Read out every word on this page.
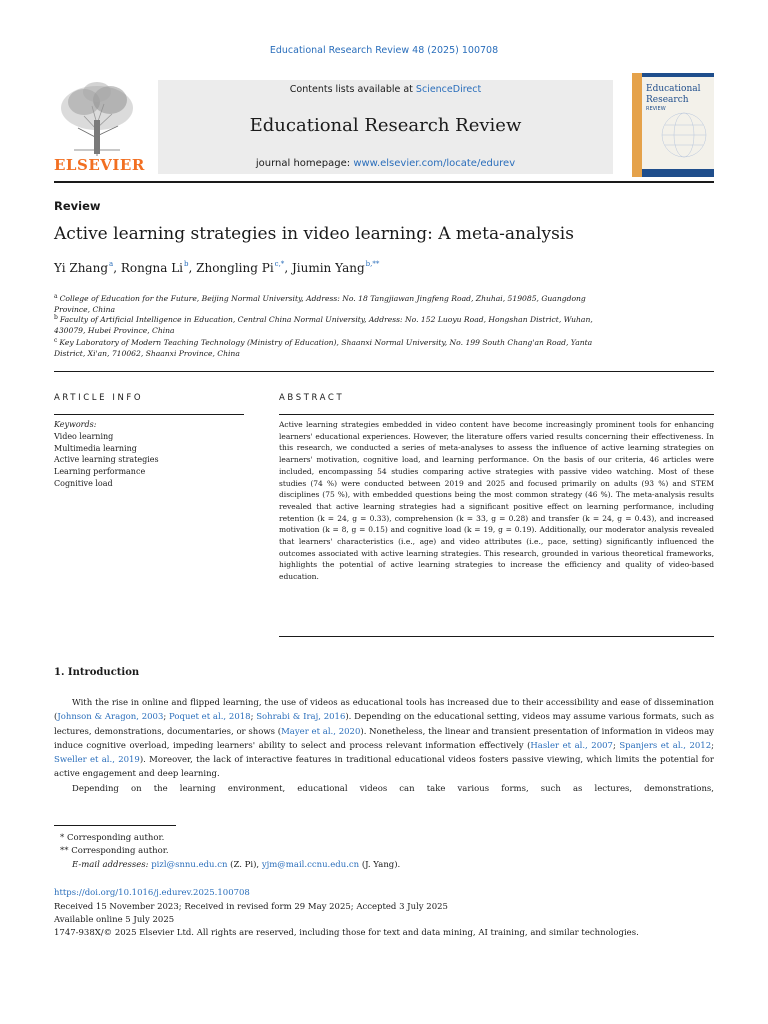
Educational Research Review 48 (2025) 100708
ELSEVIER
Contents lists available at ScienceDirect
Educational Research Review
journal homepage: www.elsevier.com/locate/edurev
Educational
Research
REVIEW
Review
Active learning strategies in video learning: A meta-analysis
Yi Zhang$^a$, Rongna Li$^b$, Zhongling $Pi^{c,*}$, Jiumin Yang$^{b,**}$
$^a$ College of Education for the Future, Beijing Normal University, Address: No. 18 Tangjiawan Jingfeng Road, Zhuhai, 519085, Guangdong Province, China
$^b$ Faculty of Artificial Intelligence in Education, Central China Normal University, Address: No. 152 Luoyu Road, Hongshan District, Wuhan, 430079, Hubei Province, China
$^c$ Key Laboratory of Modern Teaching Technology (Ministry of Education), Shaanxi Normal University, No. 199 South Chang'an Road, Yanta District, Xi'an, 710062, Shaanxi Province, China
ARTICLE INFO	ABSTRACT
Keywords:
Video learning
Multimedia learning
Active learning strategies
Learning performance
Cognitive load
Active learning strategies embedded in video content have become increasingly prominent tools for enhancing learners' educational experiences. However, the literature offers varied results concerning their effectiveness. In this research, we conducted a series of meta-analyses to assess the influence of active learning strategies on learners' motivation, cognitive load, and learning performance. On the basis of our criteria, 46 articles were included, encompassing 54 studies comparing active strategies with passive video watching. Most of these studies (74 %) were conducted between 2019 and 2025 and focused primarily on adults (93 %) and STEM disciplines (75 %), with embedded questions being the most common strategy (46 %). The meta-analysis results revealed that active learning strategies had a significant positive effect on learning performance, including retention (k = 24, g = 0.33), comprehension (k = 33, g = 0.28) and transfer (k = 24, g = 0.43), and increased motivation (k = 8, g = 0.15) and cognitive load (k = 19, g = 0.19). Additionally, our moderator analysis revealed that learners' characteristics (i.e., age) and video attributes (i.e., pace, setting) significantly influenced the outcomes associated with active learning strategies. This research, grounded in various theoretical frameworks, highlights the potential of active learning strategies to increase the efficiency and quality of video-based education.
1. Introduction
With the rise in online and flipped learning, the use of videos as educational tools has increased due to their accessibility and ease of dissemination (Johnson & Aragon, 2003; Poquet et al., 2018; Sohrabi & Iraj, 2016). Depending on the educational setting, videos may assume various formats, such as lectures, demonstrations, documentaries, or shows (Mayer et al., 2020). Nonetheless, the linear and transient presentation of information in videos may induce cognitive overload, impeding learners' ability to select and process relevant information effectively (Hasler et al., 2007; Spanjers et al., 2012; Sweller et al., 2019). Moreover, the lack of interactive features in traditional educational videos fosters passive viewing, which limits the potential for active engagement and deep learning.
Depending on the learning environment, educational videos can take various forms, such as lectures, demonstrations,
* Corresponding author.
** Corresponding author.
E-mail addresses: pizl@snnu.edu.cn (Z. Pi), yjm@mail.ccnu.edu.cn (J. Yang).
https://doi.org/10.1016/j.edurev.2025.100708
Received 15 November 2023; Received in revised form 29 May 2025; Accepted 3 July 2025
Available online 5 July 2025
1747-938X/© 2025 Elsevier Ltd. All rights are reserved, including those for text and data mining, AI training, and similar technologies.
